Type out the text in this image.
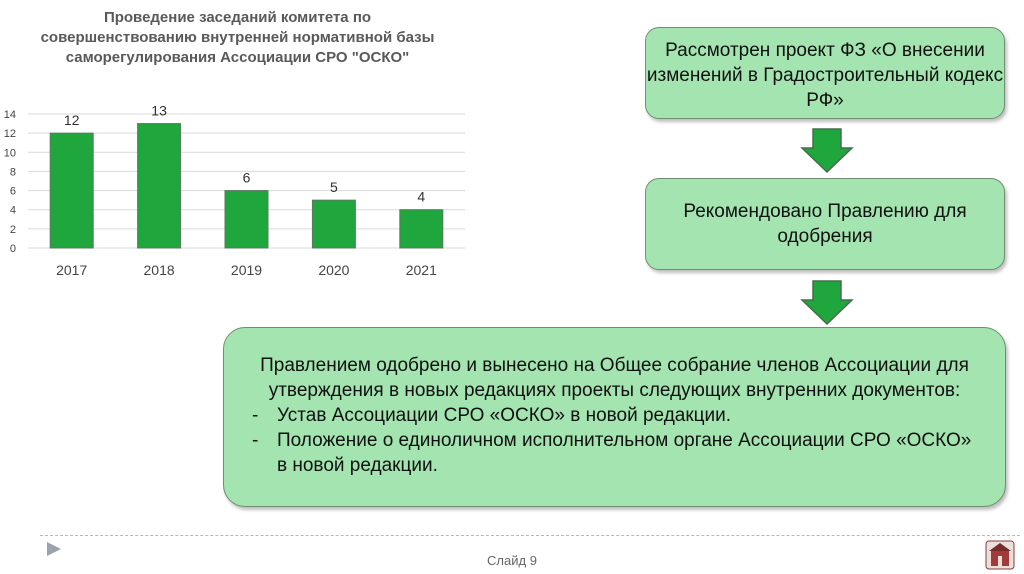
Проведение заседаний комитета по совершенствованию внутренней нормативной базы саморегулирования Ассоциации СРО "ОСКО"
0
2
4
6
8
10
12
14	12
2017
13
2018
6
2019
5
2020
4
2021
Рассмотрен проект ФЗ «О внесении изменений в Градостроительный кодекс РФ»
Рекомендовано Правлению для одобрения
Правлением одобрено и вынесено на Общее собрание членов Ассоциации для утверждения в новых редакциях проекты следующих внутренних документов:
- Устав Ассоциации СРО «ОСКО» в новой редакции.
- Положение о единоличном исполнительном органе Ассоциации СРО «ОСКО» в новой редакции.
Слайд 9
